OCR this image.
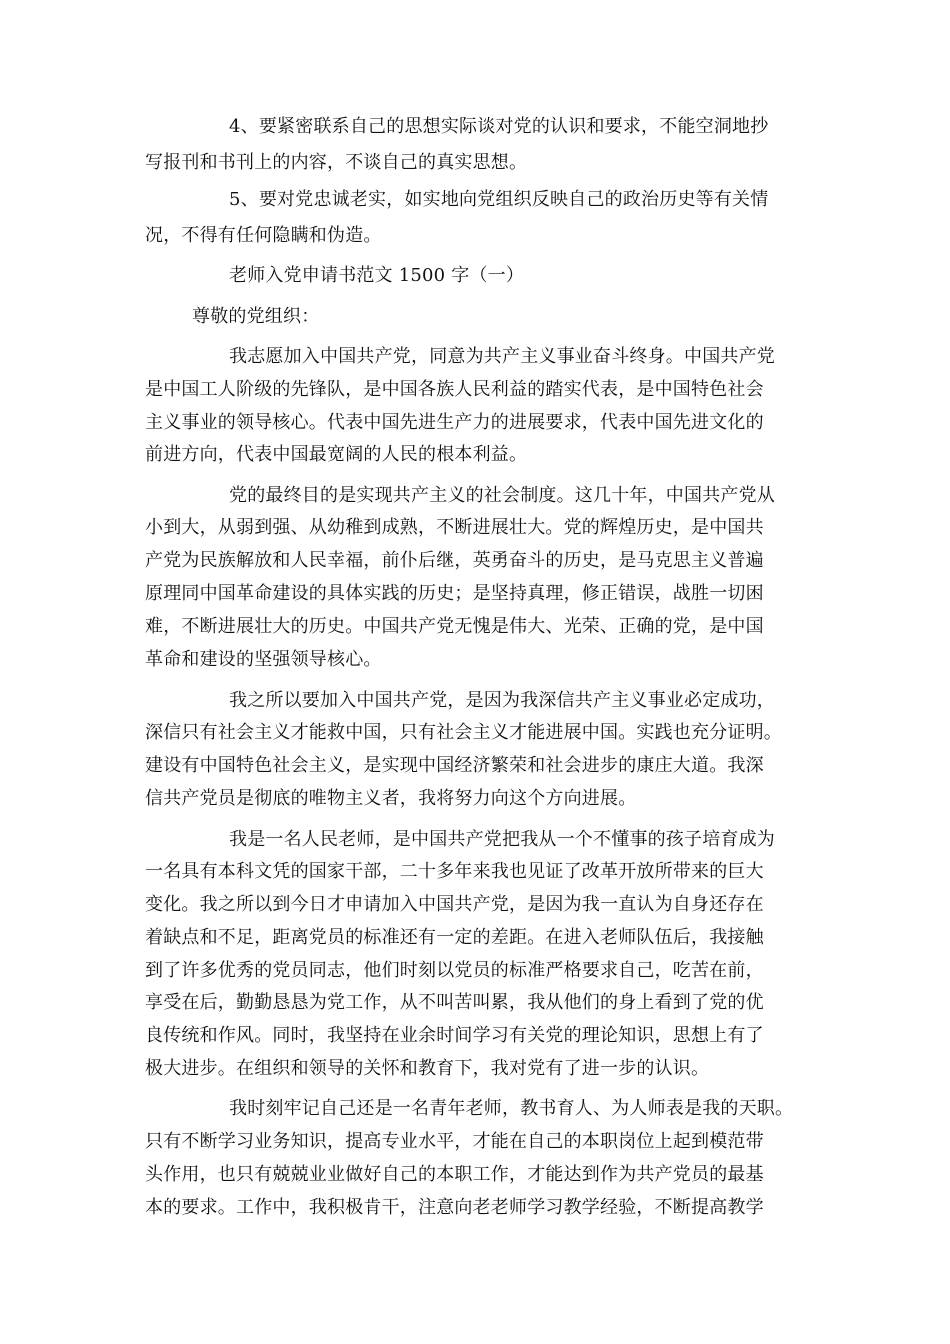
4、要紧密联系自己的思想实际谈对党的认识和要求，不能空洞地抄
写报刊和书刊上的内容，不谈自己的真实思想。
5、要对党忠诚老实，如实地向党组织反映自己的政治历史等有关情
况，不得有任何隐瞒和伪造。
老师入党申请书范文 1500 字（一）
尊敬的党组织：
我志愿加入中国共产党，同意为共产主义事业奋斗终身。中国共产党
是中国工人阶级的先锋队，是中国各族人民利益的踏实代表，是中国特色社会
主义事业的领导核心。代表中国先进生产力的进展要求，代表中国先进文化的
前进方向，代表中国最宽阔的人民的根本利益。
党的最终目的是实现共产主义的社会制度。这几十年，中国共产党从
小到大，从弱到强、从幼稚到成熟，不断进展壮大。党的辉煌历史，是中国共
产党为民族解放和人民幸福，前仆后继，英勇奋斗的历史，是马克思主义普遍
原理同中国革命建设的具体实践的历史；是坚持真理，修正错误，战胜一切困
难，不断进展壮大的历史。中国共产党无愧是伟大、光荣、正确的党，是中国
革命和建设的坚强领导核心。
我之所以要加入中国共产党，是因为我深信共产主义事业必定成功，
深信只有社会主义才能救中国，只有社会主义才能进展中国。实践也充分证明。
建设有中国特色社会主义，是实现中国经济繁荣和社会进步的康庄大道。我深
信共产党员是彻底的唯物主义者，我将努力向这个方向进展。
我是一名人民老师，是中国共产党把我从一个不懂事的孩子培育成为
一名具有本科文凭的国家干部，二十多年来我也见证了改革开放所带来的巨大
变化。我之所以到今日才申请加入中国共产党，是因为我一直认为自身还存在
着缺点和不足，距离党员的标准还有一定的差距。在进入老师队伍后，我接触
到了许多优秀的党员同志，他们时刻以党员的标准严格要求自己，吃苦在前，
享受在后，勤勤恳恳为党工作，从不叫苦叫累，我从他们的身上看到了党的优
良传统和作风。同时，我坚持在业余时间学习有关党的理论知识，思想上有了
极大进步。在组织和领导的关怀和教育下，我对党有了进一步的认识。
我时刻牢记自己还是一名青年老师，教书育人、为人师表是我的天职。
只有不断学习业务知识，提高专业水平，才能在自己的本职岗位上起到模范带
头作用，也只有兢兢业业做好自己的本职工作，才能达到作为共产党员的最基
本的要求。工作中，我积极肯干，注意向老老师学习教学经验，不断提高教学
